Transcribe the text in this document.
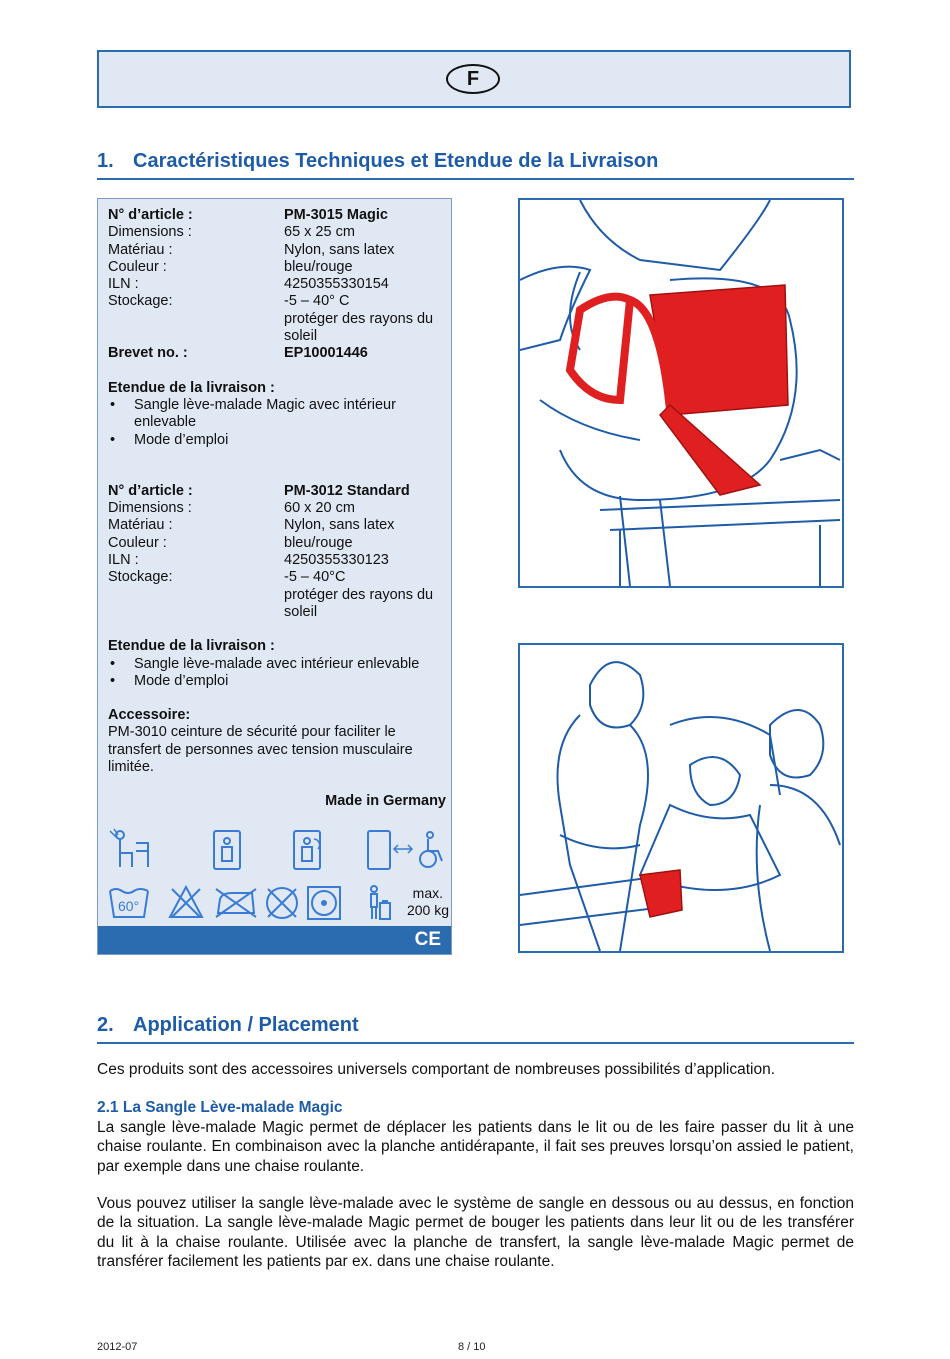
F
1. Caractéristiques Techniques et Etendue de la Livraison
N° d’article :	PM-3015 Magic
Dimensions :	65 x 25 cm
Matériau :	Nylon, sans latex
Couleur :	bleu/rouge
ILN :	4250355330154
Stockage:	-5 – 40° C
protéger des rayons du
soleil
Brevet no. :	EP10001446
Etendue de la livraison :
• Sangle lève-malade Magic avec intérieur enlevable
• Mode d’emploi
N° d’article :	PM-3012 Standard
Dimensions :	60 x 20 cm
Matériau :	Nylon, sans latex
Couleur :	bleu/rouge
ILN :	4250355330123
Stockage:	-5 – 40°C
protéger des rayons du
soleil
Etendue de la livraison :
• Sangle lève-malade avec intérieur enlevable
• Mode d’emploi
Accessoire:
PM-3010 ceinture de sécurité pour faciliter le transfert de personnes avec tension musculaire limitée.
Made in Germany
60°
max.
200 kg
CE
2. Application / Placement
Ces produits sont des accessoires universels comportant de nombreuses possibilités d’application.
2.1 La Sangle Lève-malade Magic
La sangle lève-malade Magic permet de déplacer les patients dans le lit ou de les faire passer du lit à une chaise roulante. En combinaison avec la planche antidérapante, il fait ses preuves lorsqu’on assied le patient, par exemple dans une chaise roulante.
Vous pouvez utiliser la sangle lève-malade avec le système de sangle en dessous ou au dessus, en fonction de la situation. La sangle lève-malade Magic permet de bouger les patients dans leur lit ou de les transférer du lit à la chaise roulante. Utilisée avec la planche de transfert, la sangle lève-malade Magic permet de transférer facilement les patients par ex. dans une chaise roulante.
2012-07	8 / 10
